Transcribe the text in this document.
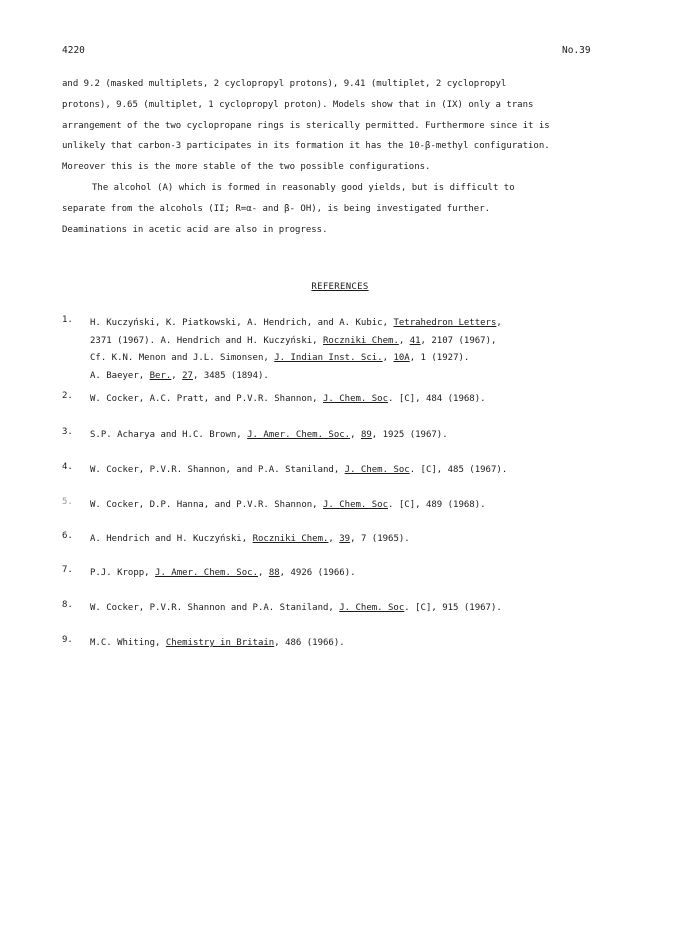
4220	No.39
and 9.2 (masked multiplets, 2 cyclopropyl protons), 9.41 (multiplet, 2 cyclopropyl
protons), 9.65 (multiplet, 1 cyclopropyl proton). Models show that in (IX) only a trans
arrangement of the two cyclopropane rings is sterically permitted. Furthermore since it is
unlikely that carbon-3 participates in its formation it has the 10-β-methyl configuration.
Moreover this is the more stable of the two possible configurations.
The alcohol (A) which is formed in reasonably good yields, but is difficult to
separate from the alcohols (II; R=α- and β- OH), is being investigated further.
Deaminations in acetic acid are also in progress.
REFERENCES
1.	H. Kuczyński, K. Piatkowski, A. Hendrich, and A. Kubic, Tetrahedron Letters,
2371 (1967). A. Hendrich and H. Kuczyński, Roczniki Chem., 41, 2107 (1967),
Cf. K.N. Menon and J.L. Simonsen, J. Indian Inst. Sci., 10A, 1 (1927).
A. Baeyer, Ber., 27, 3485 (1894).
2.	W. Cocker, A.C. Pratt, and P.V.R. Shannon, J. Chem. Soc. [C], 484 (1968).
3.	S.P. Acharya and H.C. Brown, J. Amer. Chem. Soc., 89, 1925 (1967).
4.	W. Cocker, P.V.R. Shannon, and P.A. Staniland, J. Chem. Soc. [C], 485 (1967).
5.	W. Cocker, D.P. Hanna, and P.V.R. Shannon, J. Chem. Soc. [C], 489 (1968).
6.	A. Hendrich and H. Kuczyński, Roczniki Chem., 39, 7 (1965).
7.	P.J. Kropp, J. Amer. Chem. Soc., 88, 4926 (1966).
8.	W. Cocker, P.V.R. Shannon and P.A. Staniland, J. Chem. Soc. [C], 915 (1967).
9.	M.C. Whiting, Chemistry in Britain, 486 (1966).
